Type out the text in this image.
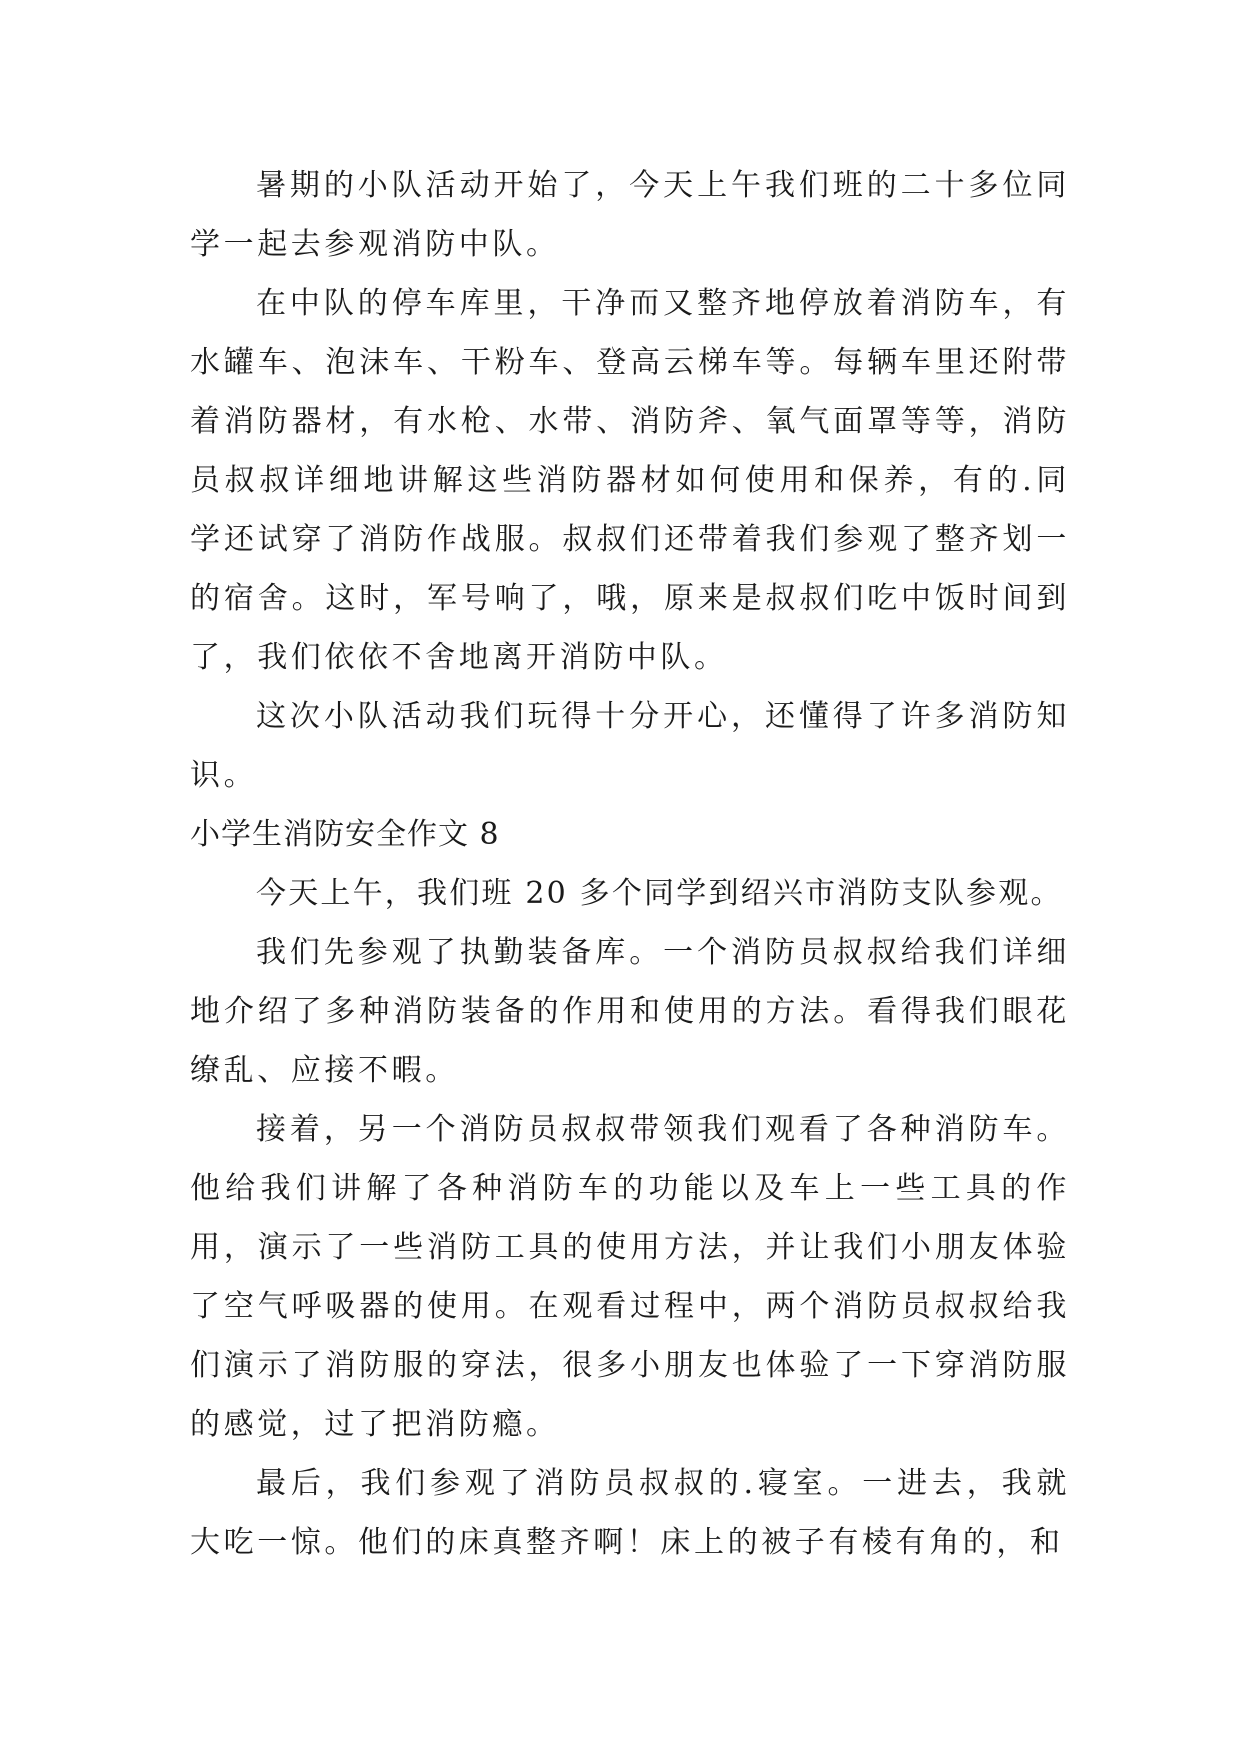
暑期的小队活动开始了，今天上午我们班的二十多位同学一起去参观消防中队。

在中队的停车库里，干净而又整齐地停放着消防车，有水罐车、泡沫车、干粉车、登高云梯车等。每辆车里还附带着消防器材，有水枪、水带、消防斧、氧气面罩等等，消防员叔叔详细地讲解这些消防器材如何使用和保养，有的.同学还试穿了消防作战服。叔叔们还带着我们参观了整齐划一的宿舍。这时，军号响了，哦，原来是叔叔们吃中饭时间到了，我们依依不舍地离开消防中队。

这次小队活动我们玩得十分开心，还懂得了许多消防知识。

小学生消防安全作文 8

今天上午，我们班 20 多个同学到绍兴市消防支队参观。

我们先参观了执勤装备库。一个消防员叔叔给我们详细地介绍了多种消防装备的作用和使用的方法。看得我们眼花缭乱、应接不暇。

接着，另一个消防员叔叔带领我们观看了各种消防车。他给我们讲解了各种消防车的功能以及车上一些工具的作用，演示了一些消防工具的使用方法，并让我们小朋友体验了空气呼吸器的使用。在观看过程中，两个消防员叔叔给我们演示了消防服的穿法，很多小朋友也体验了一下穿消防服的感觉，过了把消防瘾。

最后，我们参观了消防员叔叔的.寝室。一进去，我就大吃一惊。他们的床真整齐啊！床上的被子有棱有角的，和
